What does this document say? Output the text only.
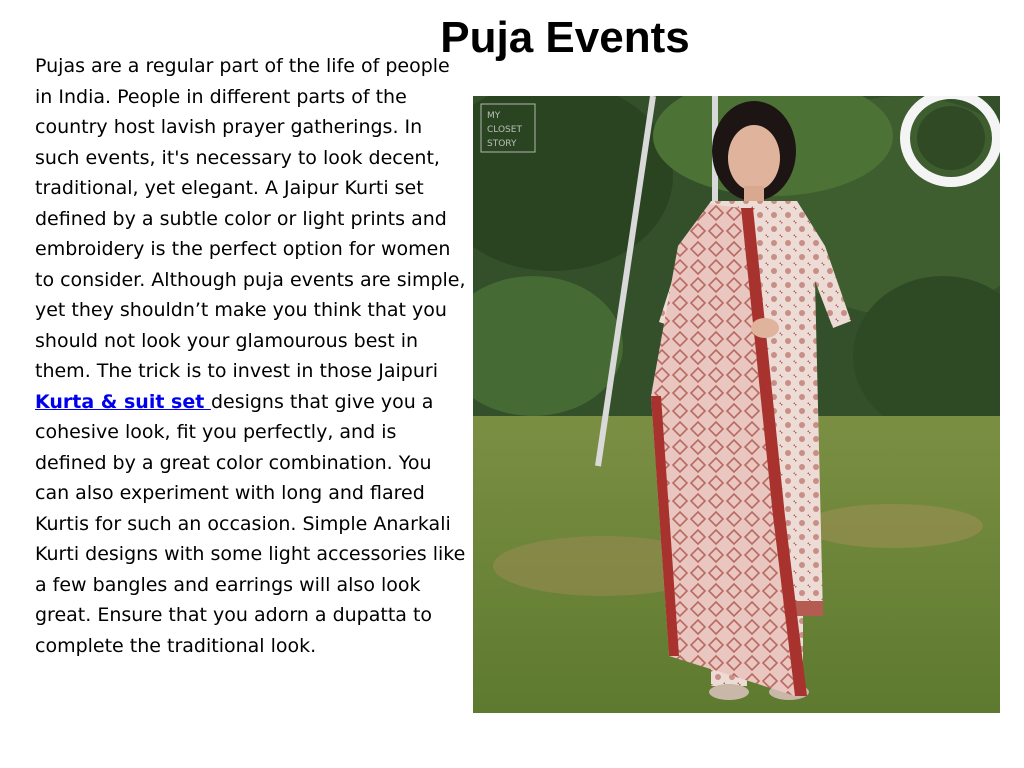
Puja Events

Pujas are a regular part of the life of people in India. People in different parts of the country host lavish prayer gatherings. In such events, it's necessary to look decent, traditional, yet elegant. A Jaipur Kurti set defined by a subtle color or light prints and embroidery is the perfect option for women to consider. Although puja events are simple, yet they shouldn’t make you think that you should not look your glamourous best in them. The trick is to invest in those Jaipuri Kurta & suit set designs that give you a cohesive look, fit you perfectly, and is defined by a great color combination. You can also experiment with long and flared Kurtis for such an occasion. Simple Anarkali Kurti designs with some light accessories like a few bangles and earrings will also look great. Ensure that you adorn a dupatta to complete the traditional look.

MY
CLOSET
STORY
